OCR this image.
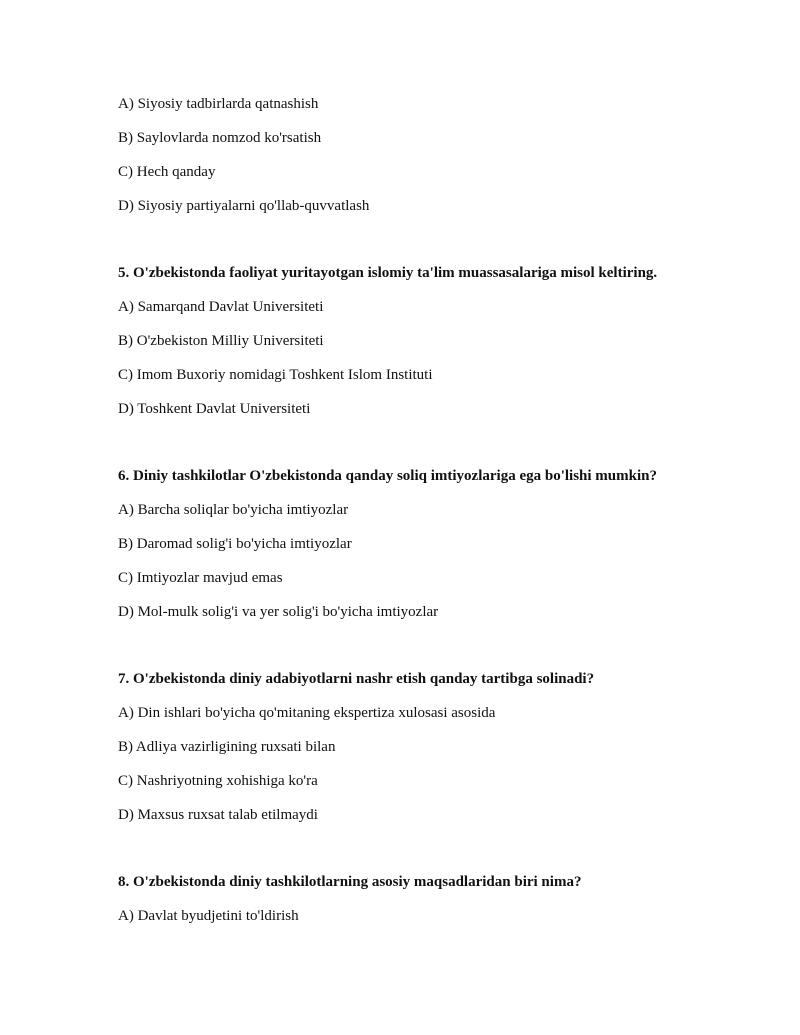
A) Siyosiy tadbirlarda qatnashish
B) Saylovlarda nomzod ko'rsatish
C) Hech qanday
D) Siyosiy partiyalarni qo'llab-quvvatlash
5. O'zbekistonda faoliyat yuritayotgan islomiy ta'lim muassasalariga misol keltiring.
A) Samarqand Davlat Universiteti
B) O'zbekiston Milliy Universiteti
C) Imom Buxoriy nomidagi Toshkent Islom Instituti
D) Toshkent Davlat Universiteti
6. Diniy tashkilotlar O'zbekistonda qanday soliq imtiyozlariga ega bo'lishi mumkin?
A) Barcha soliqlar bo'yicha imtiyozlar
B) Daromad solig'i bo'yicha imtiyozlar
C) Imtiyozlar mavjud emas
D) Mol-mulk solig'i va yer solig'i bo'yicha imtiyozlar
7. O'zbekistonda diniy adabiyotlarni nashr etish qanday tartibga solinadi?
A) Din ishlari bo'yicha qo'mitaning ekspertiza xulosasi asosida
B) Adliya vazirligining ruxsati bilan
C) Nashriyotning xohishiga ko'ra
D) Maxsus ruxsat talab etilmaydi
8. O'zbekistonda diniy tashkilotlarning asosiy maqsadlaridan biri nima?
A) Davlat byudjetini to'ldirish
